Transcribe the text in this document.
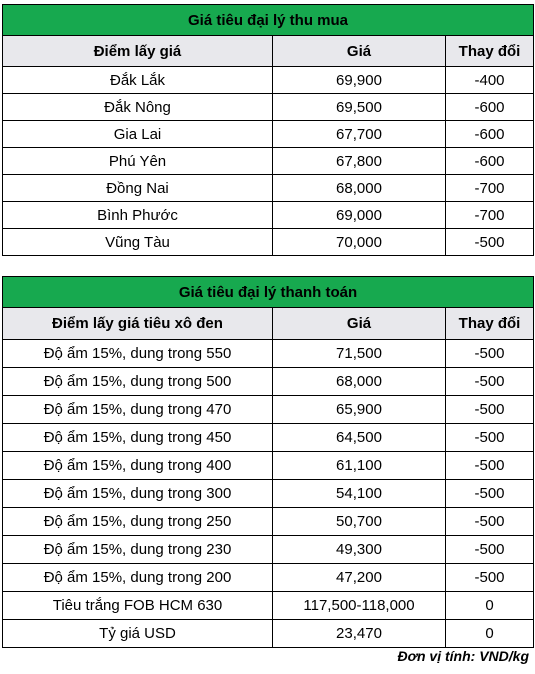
Giá tiêu đại lý thu mua		
Điểm lấy giá	Giá	Thay đổi
Đắk Lắk	69,900	-400
Đắk Nông	69,500	-600
Gia Lai	67,700	-600
Phú Yên	67,800	-600
Đồng Nai	68,000	-700
Bình Phước	69,000	-700
Vũng Tàu	70,000	-500
Giá tiêu đại lý thanh toán		
Điểm lấy giá tiêu xô đen	Giá	Thay đổi
Độ ẩm 15%, dung trong 550	71,500	-500
Độ ẩm 15%, dung trong 500	68,000	-500
Độ ẩm 15%, dung trong 470	65,900	-500
Độ ẩm 15%, dung trong 450	64,500	-500
Độ ẩm 15%, dung trong 400	61,100	-500
Độ ẩm 15%, dung trong 300	54,100	-500
Độ ẩm 15%, dung trong 250	50,700	-500
Độ ẩm 15%, dung trong 230	49,300	-500
Độ ẩm 15%, dung trong 200	47,200	-500
Tiêu trắng FOB HCM 630	117,500-118,000	0
Tỷ giá USD	23,470	0
Đơn vị tính: VND/kg
